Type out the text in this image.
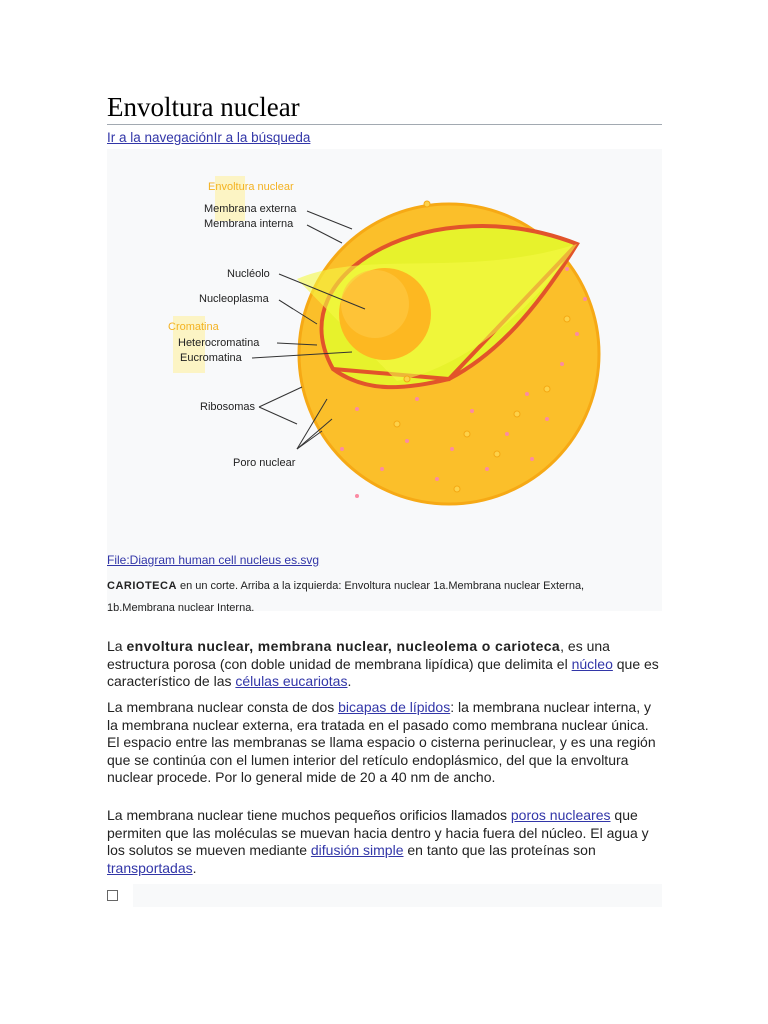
Envoltura nuclear
Ir a la navegaciónIr a la búsqueda
Envoltura nuclear
Membrana externa
Membrana interna
Nucléolo
Nucleoplasma
Cromatina
Heterocromatina
Eucromatina
Ribosomas
Poro nuclear
File:Diagram human cell nucleus es.svg
CARIOTECA en un corte. Arriba a la izquierda: Envoltura nuclear 1a.Membrana nuclear Externa, 1b.Membrana nuclear Interna.

La envoltura nuclear, membrana nuclear, nucleolema o carioteca, es una estructura porosa (con doble unidad de membrana lipídica) que delimita el núcleo que es característico de las células eucariotas.

La membrana nuclear consta de dos bicapas de lípidos: la membrana nuclear interna, y la membrana nuclear externa, era tratada en el pasado como membrana nuclear única. El espacio entre las membranas se llama espacio o cisterna perinuclear, y es una región que se continúa con el lumen interior del retículo endoplásmico, del que la envoltura nuclear procede. Por lo general mide de 20 a 40 nm de ancho.

La membrana nuclear tiene muchos pequeños orificios llamados poros nucleares que permiten que las moléculas se muevan hacia dentro y hacia fuera del núcleo. El agua y los solutos se mueven mediante difusión simple en tanto que las proteínas son transportadas.
